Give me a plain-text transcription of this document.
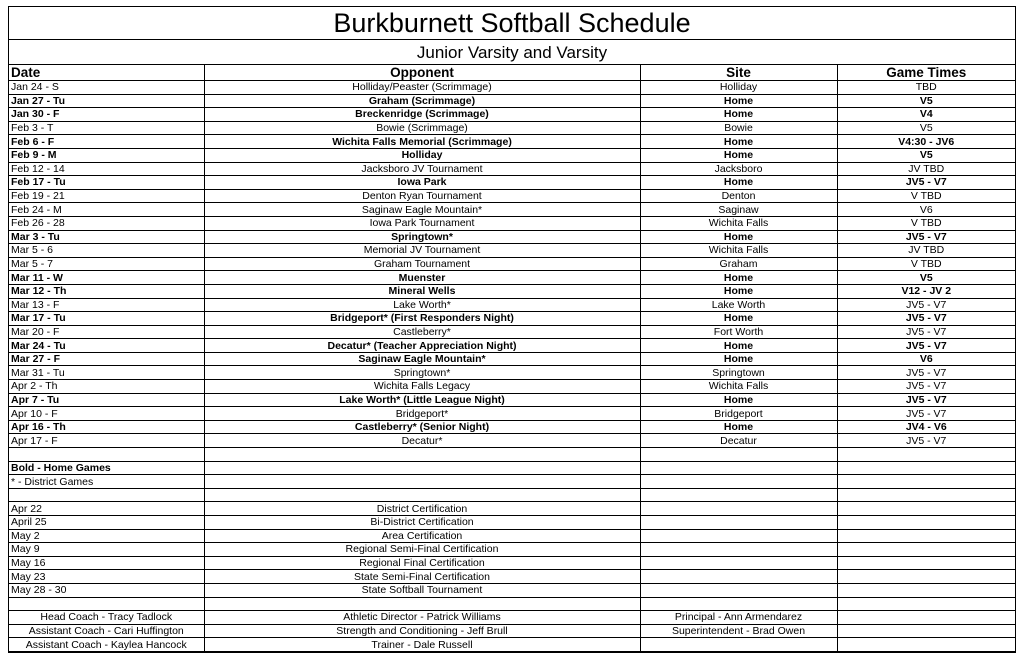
Burkburnett Softball Schedule
Junior Varsity and Varsity
Date	Opponent	Site	Game Times
Jan 24 - S	Holliday/Peaster (Scrimmage)	Holliday	TBD
Jan 27 - Tu	Graham (Scrimmage)	Home	V5
Jan 30 - F	Breckenridge (Scrimmage)	Home	V4
Feb 3 - T	Bowie (Scrimmage)	Bowie	V5
Feb 6 - F	Wichita Falls Memorial (Scrimmage)	Home	V4:30 - JV6
Feb 9 - M	Holliday	Home	V5
Feb 12 - 14	Jacksboro JV Tournament	Jacksboro	JV TBD
Feb 17 - Tu	Iowa Park	Home	JV5 - V7
Feb 19 - 21	Denton Ryan Tournament	Denton	V TBD
Feb 24 - M	Saginaw Eagle Mountain*	Saginaw	V6
Feb 26 - 28	Iowa Park Tournament	Wichita Falls	V TBD
Mar 3 - Tu	Springtown*	Home	JV5 - V7
Mar 5 - 6	Memorial JV Tournament	Wichita Falls	JV TBD
Mar 5 - 7	Graham Tournament	Graham	V TBD
Mar 11 - W	Muenster	Home	V5
Mar 12 - Th	Mineral Wells	Home	V12 - JV 2
Mar 13 - F	Lake Worth*	Lake Worth	JV5 - V7
Mar 17 - Tu	Bridgeport* (First Responders Night)	Home	JV5 - V7
Mar 20 - F	Castleberry*	Fort Worth	JV5 - V7
Mar 24 - Tu	Decatur* (Teacher Appreciation Night)	Home	JV5 - V7
Mar 27 - F	Saginaw Eagle Mountain*	Home	V6
Mar 31 - Tu	Springtown*	Springtown	JV5 - V7
Apr 2 - Th	Wichita Falls Legacy	Wichita Falls	JV5 - V7
Apr 7 - Tu	Lake Worth* (Little League Night)	Home	JV5 - V7
Apr 10 - F	Bridgeport*	Bridgeport	JV5 - V7
Apr 16 - Th	Castleberry* (Senior Night)	Home	JV4 - V6
Apr 17 - F	Decatur*	Decatur	JV5 - V7

Bold - Home Games			
* - District Games			

Apr 22	District Certification		
April 25	Bi-District Certification		
May 2	Area Certification		
May 9	Regional Semi-Final Certification		
May 16	Regional Final Certification		
May 23	State Semi-Final Certification		
May 28 - 30	State Softball Tournament		

Head Coach - Tracy Tadlock	Athletic Director - Patrick Williams	Principal - Ann Armendarez	
Assistant Coach - Cari Huffington	Strength and Conditioning - Jeff Brull	Superintendent - Brad Owen	
Assistant Coach - Kaylea Hancock	Trainer - Dale Russell		
